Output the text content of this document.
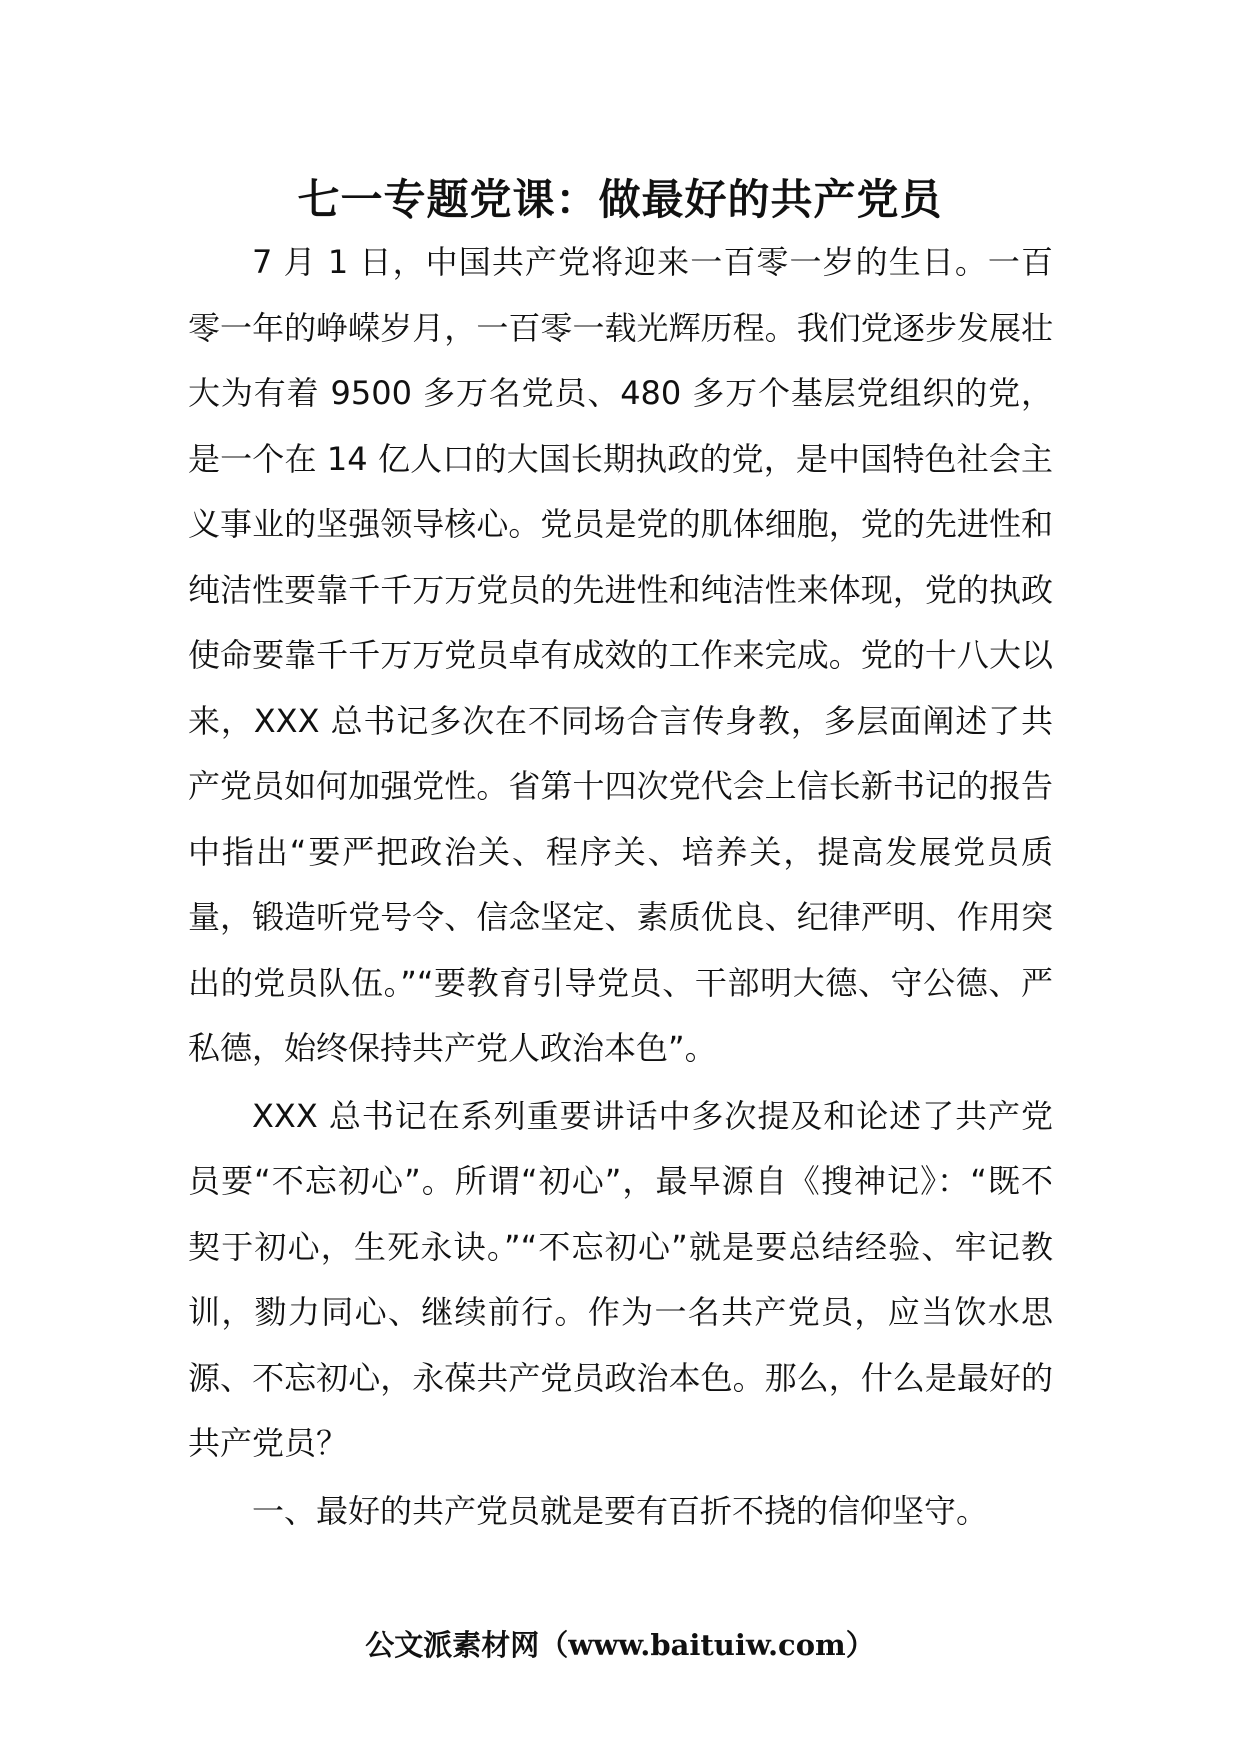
七一专题党课：做最好的共产党员

7 月 1 日，中国共产党将迎来一百零一岁的生日。一百零一年的峥嵘岁月，一百零一载光辉历程。我们党逐步发展壮大为有着 9500 多万名党员、480 多万个基层党组织的党，是一个在 14 亿人口的大国长期执政的党，是中国特色社会主义事业的坚强领导核心。党员是党的肌体细胞，党的先进性和纯洁性要靠千千万万党员的先进性和纯洁性来体现，党的执政使命要靠千千万万党员卓有成效的工作来完成。党的十八大以来，XXX 总书记多次在不同场合言传身教，多层面阐述了共产党员如何加强党性。省第十四次党代会上信长新书记的报告中指出“要严把政治关、程序关、培养关，提高发展党员质量，锻造听党号令、信念坚定、素质优良、纪律严明、作用突出的党员队伍。”“要教育引导党员、干部明大德、守公德、严私德，始终保持共产党人政治本色”。

XXX 总书记在系列重要讲话中多次提及和论述了共产党员要“不忘初心”。所谓“初心”，最早源自《搜神记》：“既不契于初心，生死永诀。”“不忘初心”就是要总结经验、牢记教训，勠力同心、继续前行。作为一名共产党员，应当饮水思源、不忘初心，永葆共产党员政治本色。那么，什么是最好的共产党员？

一、最好的共产党员就是要有百折不挠的信仰坚守。

公文派素材网（www.baituiw.com）
